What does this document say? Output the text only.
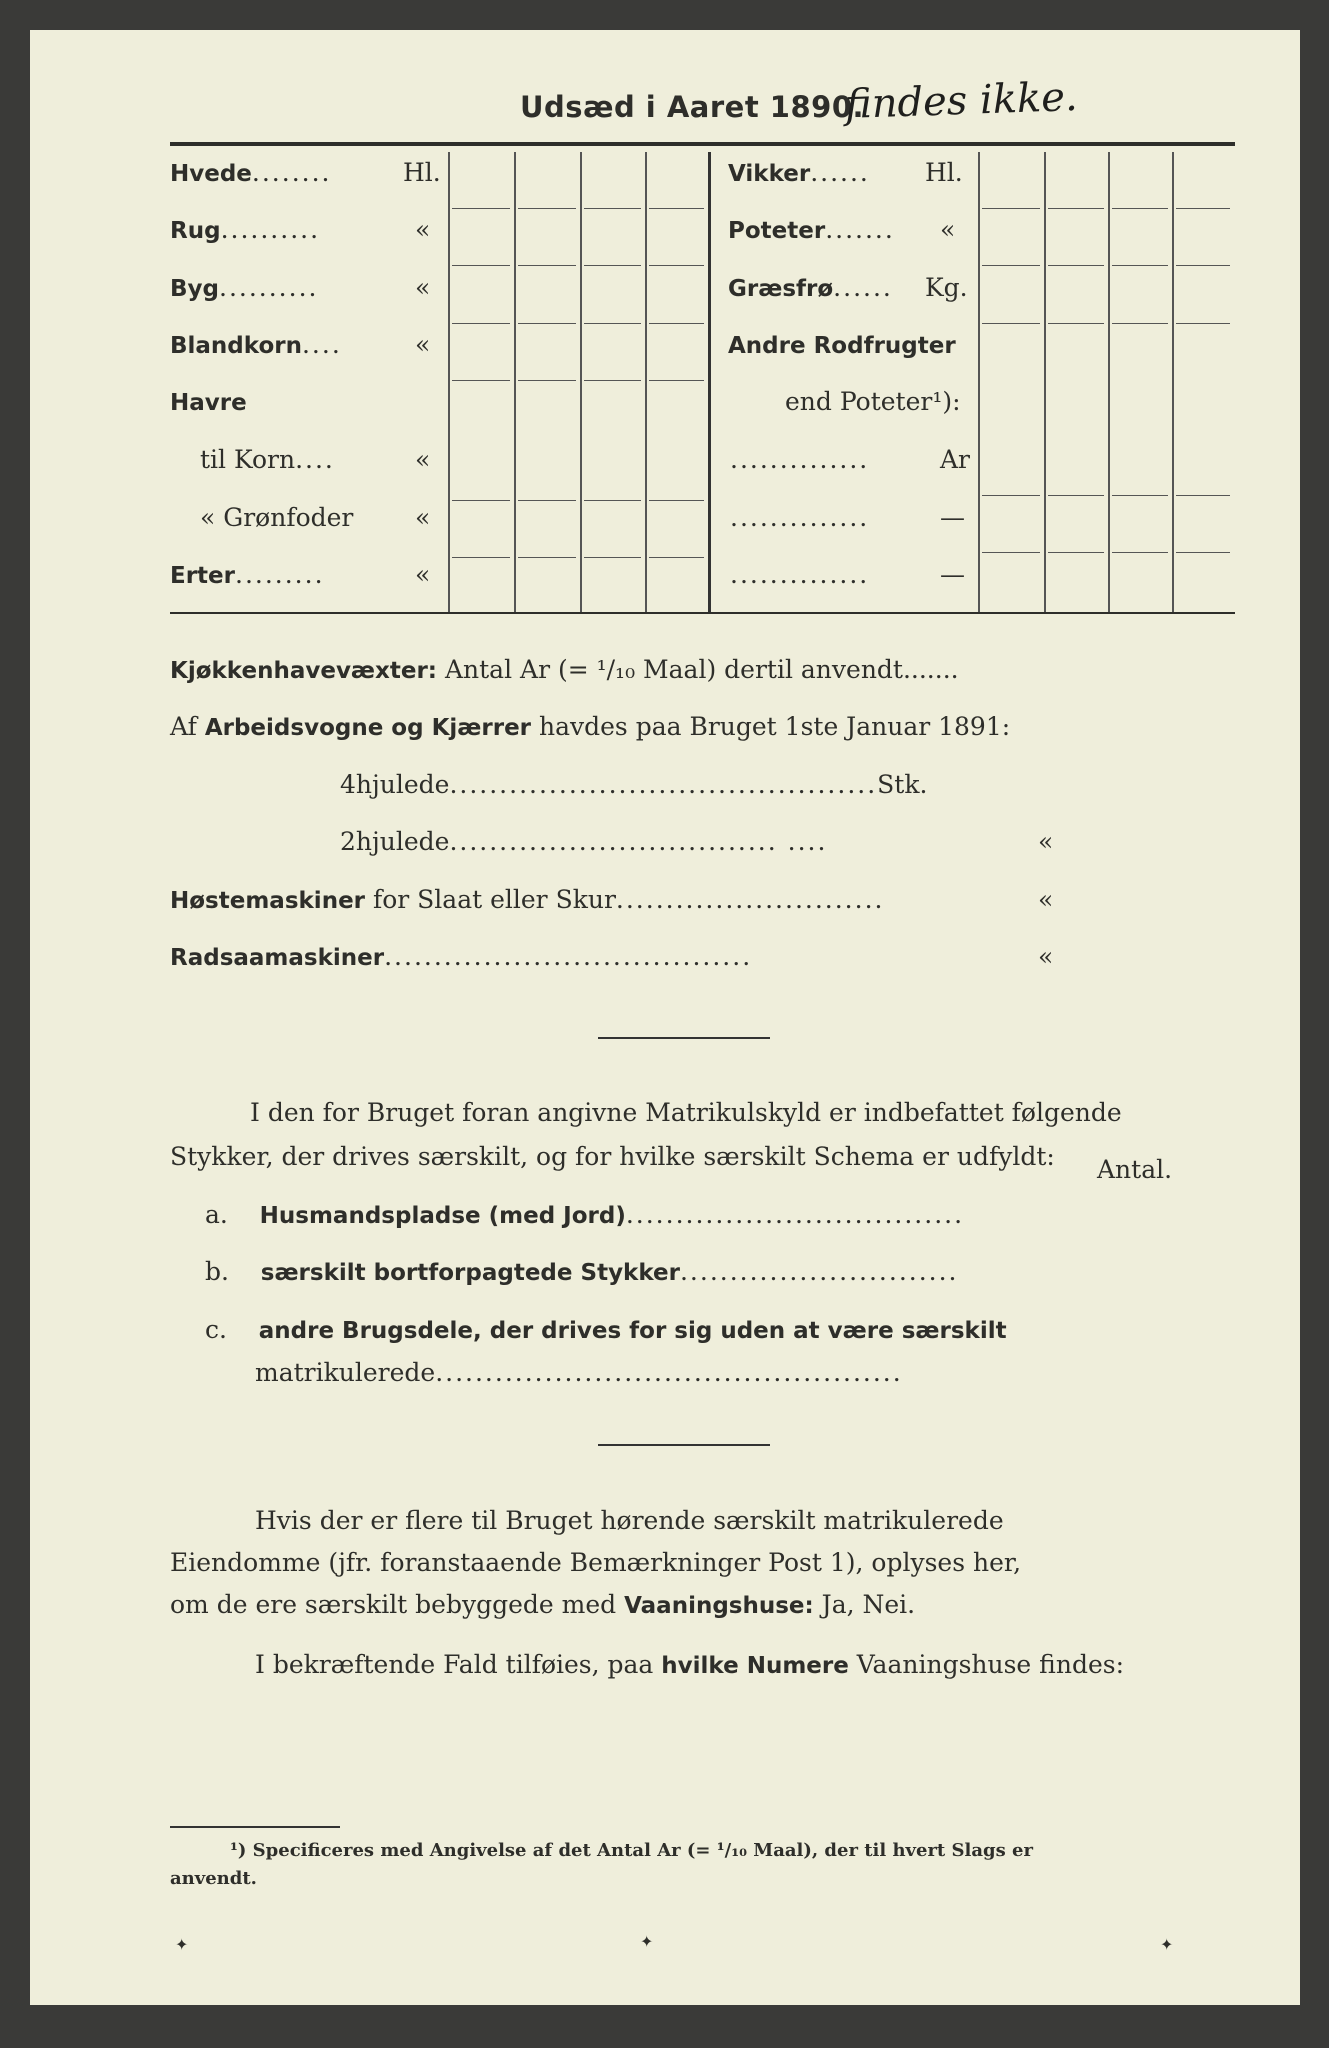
Udsæd i Aaret 1890.
findes ikke.
Hvede........	Hl.
Rug..........	«
Byg..........	«
Blandkorn....	«
Havre
til Korn....	«
« Grønfoder «
Erter.........	«
Vikker...... Hl.
Poteter....... «
Græsfrø...... Kg.
Andre Rodfrugter
end Poteter¹):
..............	Ar
..............	—
..............	—
Kjøkkenhavevæxter: Antal Ar (= ¹/₁₀ Maal) dertil anvendt.......
Af Arbeidsvogne og Kjærrer havdes paa Bruget 1ste Januar 1891:
4hjulede...........................................Stk.
2hjulede................................. ....	«
Høstemaskiner for Slaat eller Skur...........................	«
Radsaamaskiner.....................................	«
I den for Bruget foran angivne Matrikulskyld er indbefattet følgende
Stykker, der drives særskilt, og for hvilke særskilt Schema er udfyldt: Antal.
a. Husmandspladse (med Jord)..................................
b. særskilt bortforpagtede Stykker............................
c. andre Brugsdele, der drives for sig uden at være særskilt
matrikulerede...............................................
Hvis der er flere til Bruget hørende særskilt matrikulerede
Eiendomme (jfr. foranstaaende Bemærkninger Post 1), oplyses her,
om de ere særskilt bebyggede med Vaaningshuse: Ja, Nei.
I bekræftende Fald tilføies, paa hvilke Numere Vaaningshuse findes:
¹) Specificeres med Angivelse af det Antal Ar (= ¹/₁₀ Maal), der til hvert Slags er
anvendt.
✦	✦	✦
